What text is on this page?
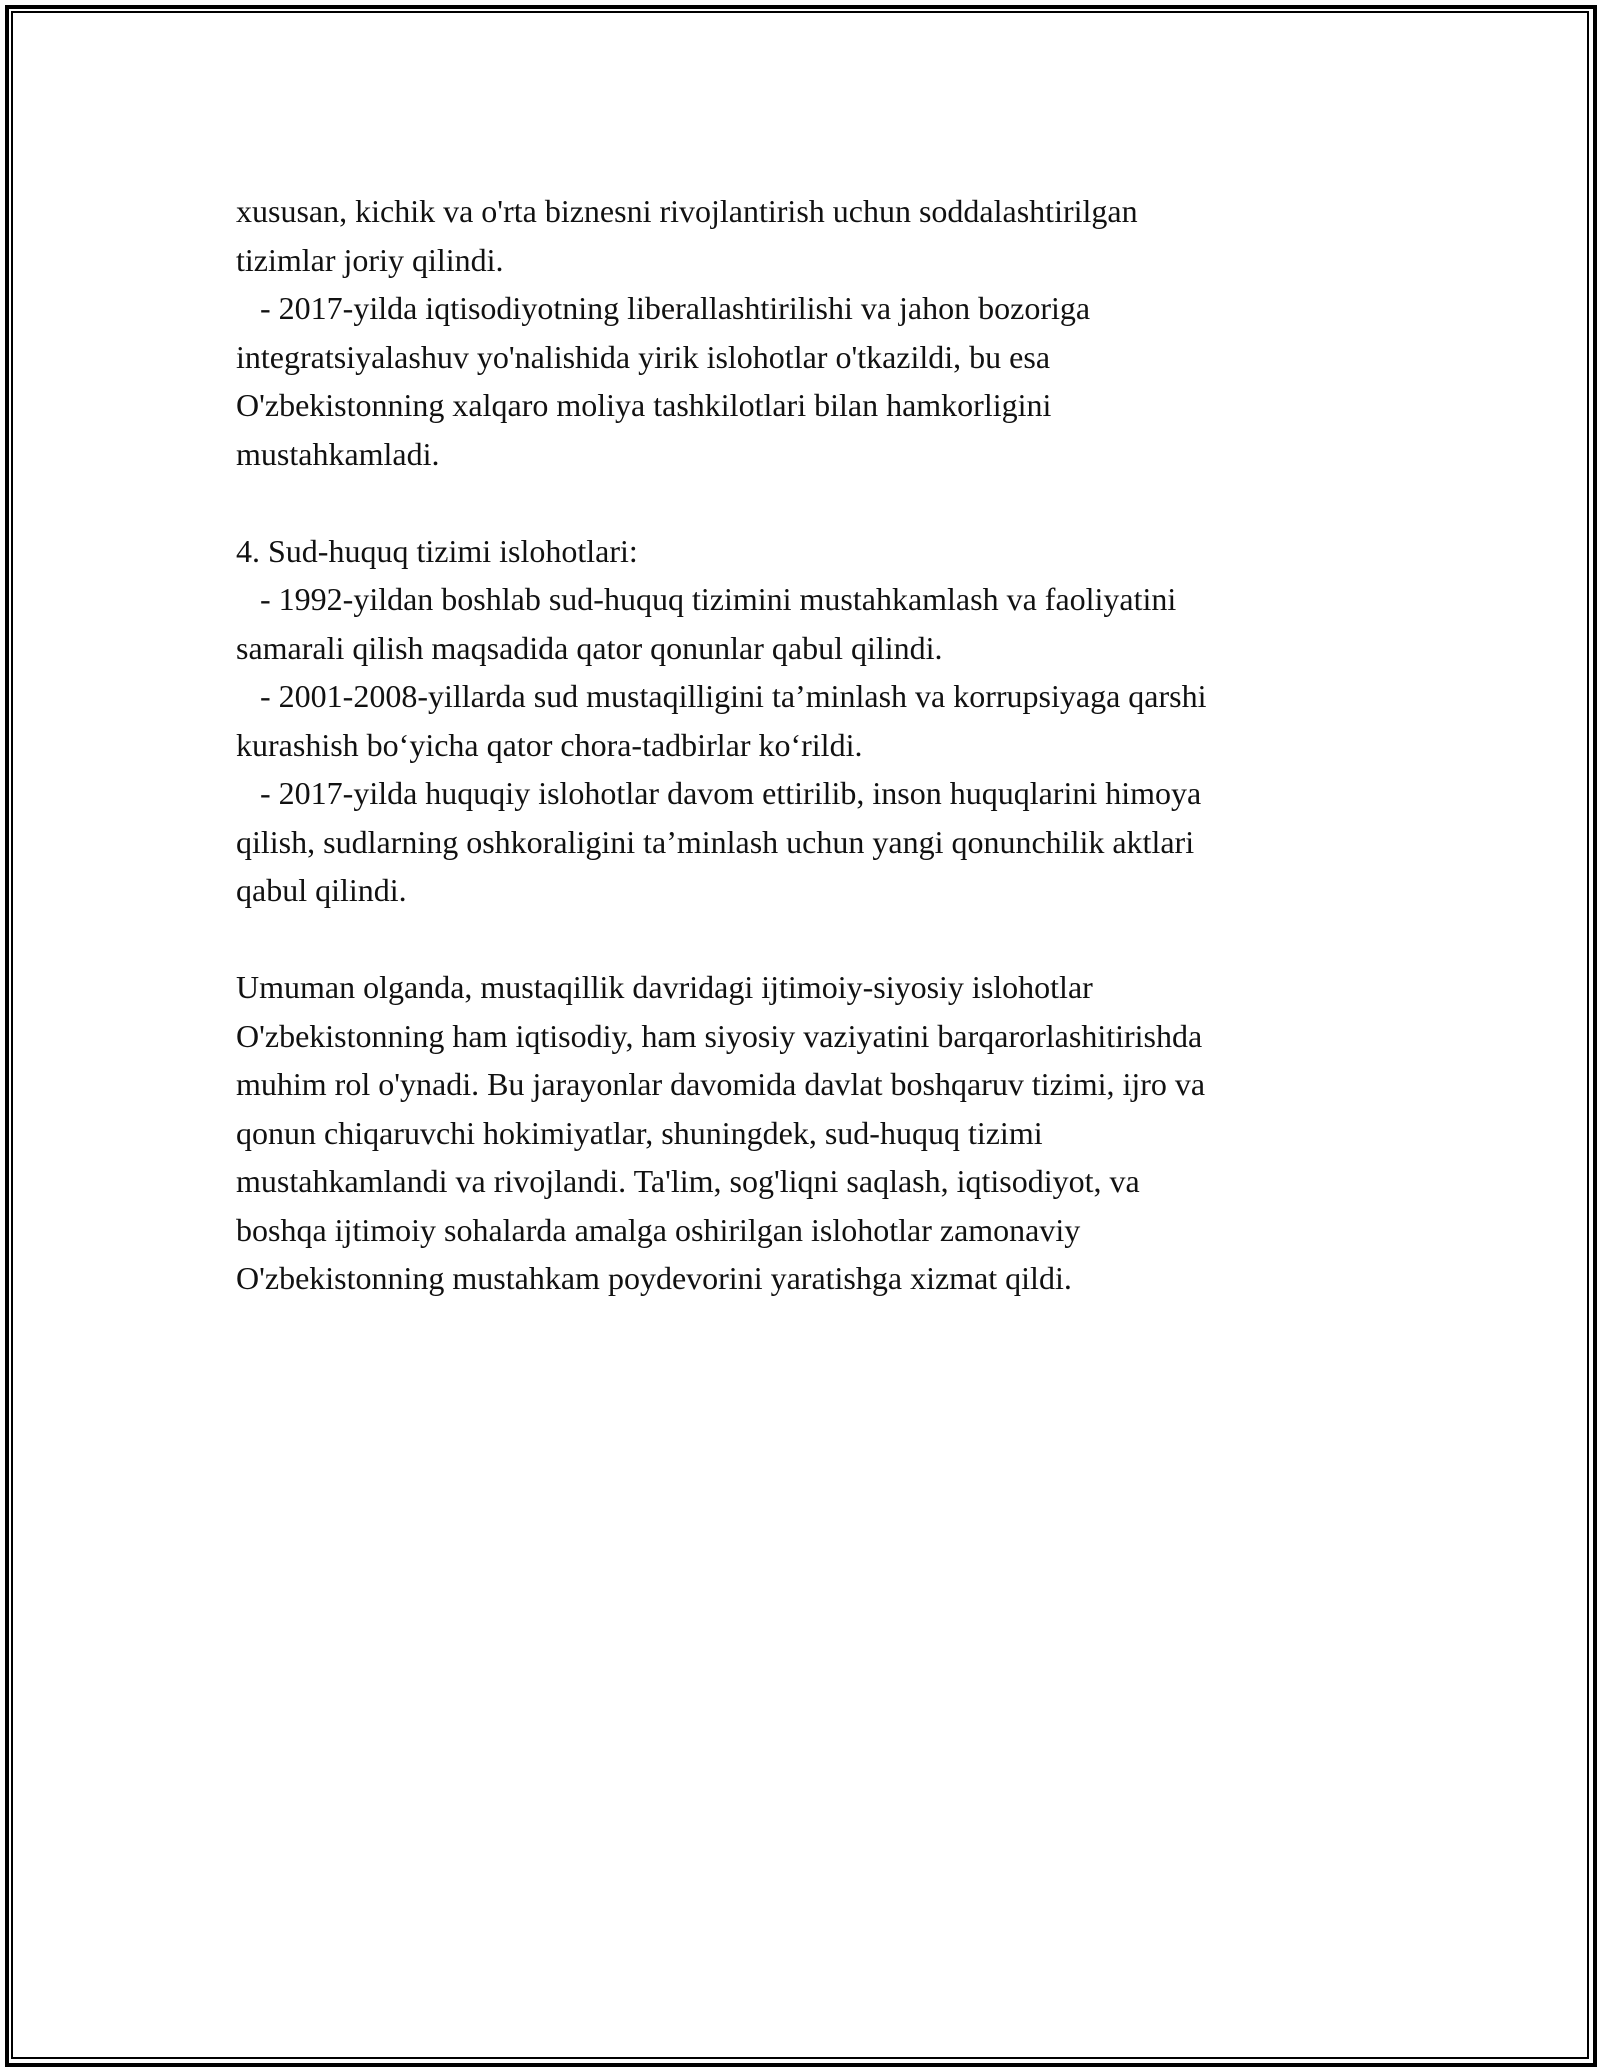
xususan, kichik va o'rta biznesni rivojlantirish uchun soddalashtirilgan
tizimlar joriy qilindi.
- 2017-yilda iqtisodiyotning liberallashtirilishi va jahon bozoriga
integratsiyalashuv yo'nalishida yirik islohotlar o'tkazildi, bu esa
O'zbekistonning xalqaro moliya tashkilotlari bilan hamkorligini
mustahkamladi.
4. Sud-huquq tizimi islohotlari:
- 1992-yildan boshlab sud-huquq tizimini mustahkamlash va faoliyatini
samarali qilish maqsadida qator qonunlar qabul qilindi.
- 2001-2008-yillarda sud mustaqilligini ta’minlash va korrupsiyaga qarshi
kurashish bo‘yicha qator chora-tadbirlar ko‘rildi.
- 2017-yilda huquqiy islohotlar davom ettirilib, inson huquqlarini himoya
qilish, sudlarning oshkoraligini ta’minlash uchun yangi qonunchilik aktlari
qabul qilindi.
Umuman olganda, mustaqillik davridagi ijtimoiy-siyosiy islohotlar
O'zbekistonning ham iqtisodiy, ham siyosiy vaziyatini barqarorlashitirishda
muhim rol o'ynadi. Bu jarayonlar davomida davlat boshqaruv tizimi, ijro va
qonun chiqaruvchi hokimiyatlar, shuningdek, sud-huquq tizimi
mustahkamlandi va rivojlandi. Ta'lim, sog'liqni saqlash, iqtisodiyot, va
boshqa ijtimoiy sohalarda amalga oshirilgan islohotlar zamonaviy
O'zbekistonning mustahkam poydevorini yaratishga xizmat qildi.
